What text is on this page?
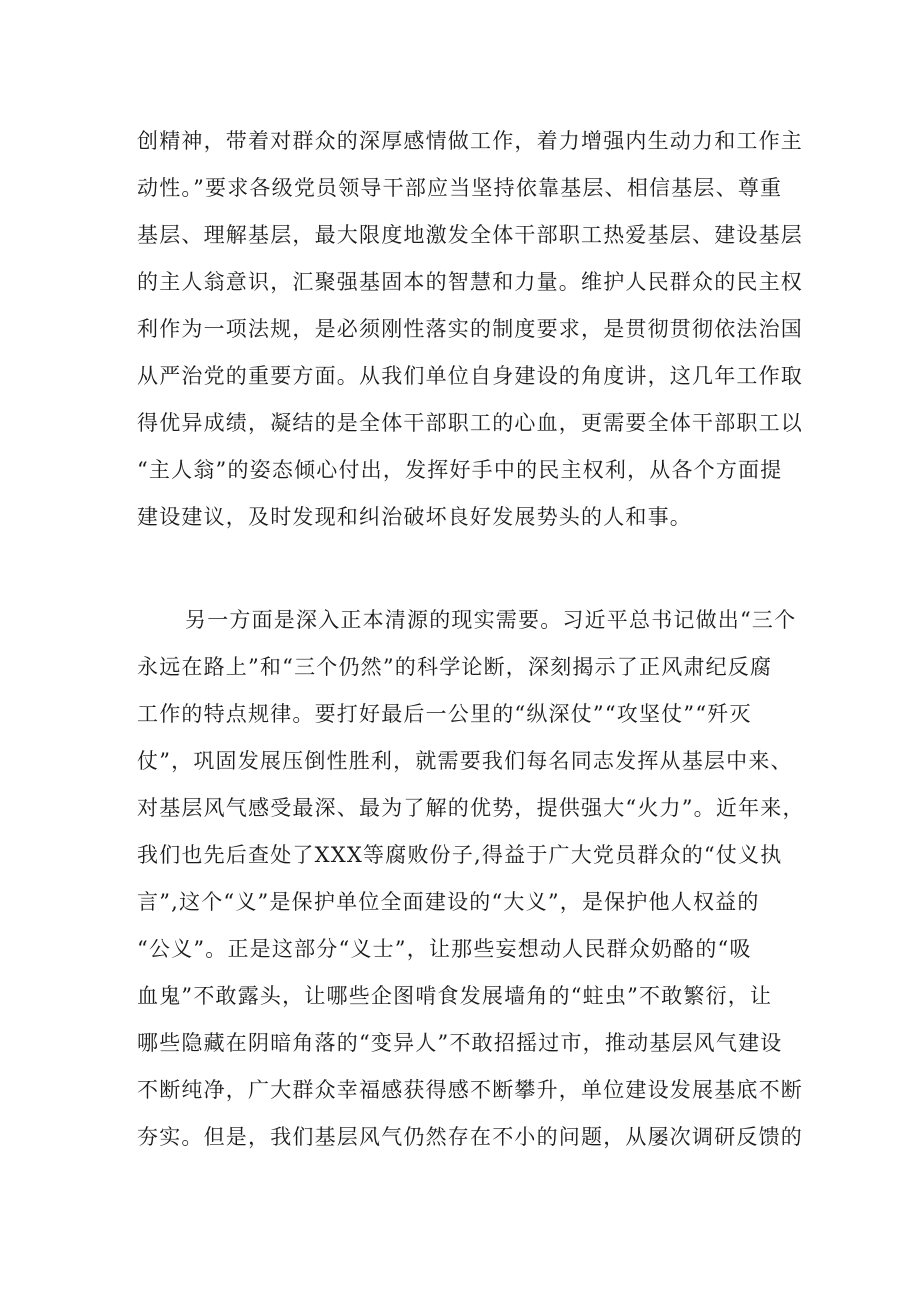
创精神，带着对群众的深厚感情做工作，着力增强内生动力和工作主
动性。”要求各级党员领导干部应当坚持依靠基层、相信基层、尊重
基层、理解基层，最大限度地激发全体干部职工热爱基层、建设基层
的主人翁意识，汇聚强基固本的智慧和力量。维护人民群众的民主权
利作为一项法规，是必须刚性落实的制度要求，是贯彻贯彻依法治国
从严治党的重要方面。从我们单位自身建设的角度讲，这几年工作取
得优异成绩，凝结的是全体干部职工的心血，更需要全体干部职工以
“主人翁”的姿态倾心付出，发挥好手中的民主权利，从各个方面提
建设建议，及时发现和纠治破坏良好发展势头的人和事。
另一方面是深入正本清源的现实需要。习近平总书记做出“三个
永远在路上”和“三个仍然”的科学论断，深刻揭示了正风肃纪反腐
工作的特点规律。要打好最后一公里的“纵深仗”“攻坚仗”“歼灭
仗”，巩固发展压倒性胜利，就需要我们每名同志发挥从基层中来、
对基层风气感受最深、最为了解的优势，提供强大“火力”。近年来，
我们也先后查处了XXX等腐败份子,得益于广大党员群众的“仗义执
言”,这个“义”是保护单位全面建设的“大义”，是保护他人权益的
“公义”。正是这部分“义士”，让那些妄想动人民群众奶酪的“吸
血鬼”不敢露头，让哪些企图啃食发展墙角的“蛀虫”不敢繁衍，让
哪些隐藏在阴暗角落的“变异人”不敢招摇过市，推动基层风气建设
不断纯净，广大群众幸福感获得感不断攀升，单位建设发展基底不断
夯实。但是，我们基层风气仍然存在不小的问题，从屡次调研反馈的
